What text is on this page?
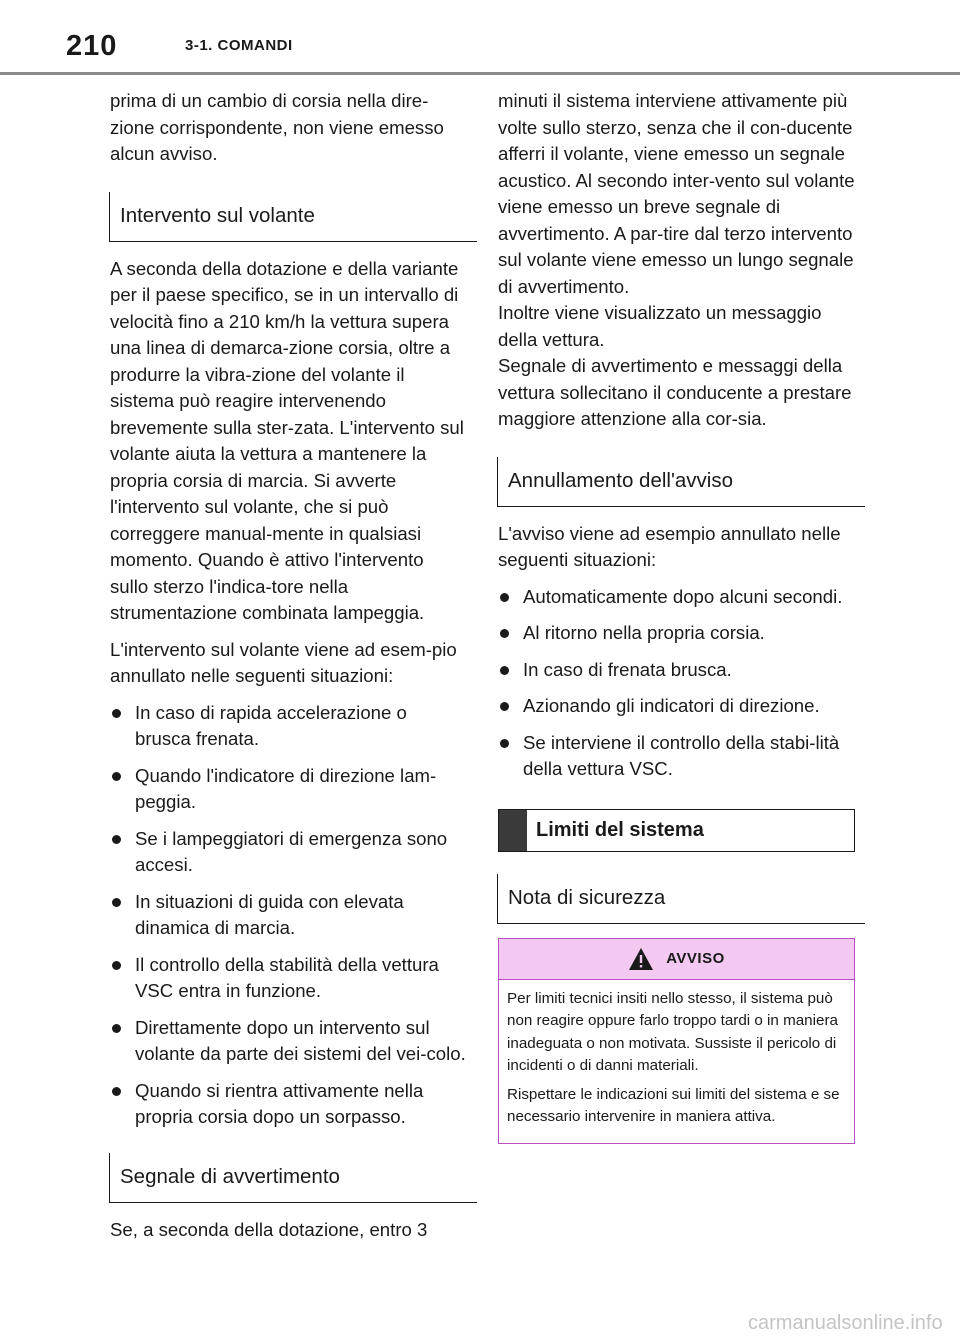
210	3-1. COMANDI

prima di un cambio di corsia nella dire-zione corrispondente, non viene emesso alcun avviso.

Intervento sul volante

A seconda della dotazione e della variante per il paese specifico, se in un intervallo di velocità fino a 210 km/h la vettura supera una linea di demarca-zione corsia, oltre a produrre la vibra-zione del volante il sistema può reagire intervenendo brevemente sulla ster-zata. L'intervento sul volante aiuta la vettura a mantenere la propria corsia di marcia. Si avverte l'intervento sul volante, che si può correggere manual-mente in qualsiasi momento. Quando è attivo l'intervento sullo sterzo l'indica-tore nella strumentazione combinata lampeggia.

L'intervento sul volante viene ad esem-pio annullato nelle seguenti situazioni:

In caso di rapida accelerazione o brusca frenata.
Quando l'indicatore di direzione lam-peggia.
Se i lampeggiatori di emergenza sono accesi.
In situazioni di guida con elevata dinamica di marcia.
Il controllo della stabilità della vettura VSC entra in funzione.
Direttamente dopo un intervento sul volante da parte dei sistemi del vei-colo.
Quando si rientra attivamente nella propria corsia dopo un sorpasso.
Segnale di avvertimento

Se, a seconda della dotazione, entro 3

minuti il sistema interviene attivamente più volte sullo sterzo, senza che il con-ducente afferri il volante, viene emesso un segnale acustico. Al secondo inter-vento sul volante viene emesso un breve segnale di avvertimento. A par-tire dal terzo intervento sul volante viene emesso un lungo segnale di avvertimento.

Inoltre viene visualizzato un messaggio della vettura.

Segnale di avvertimento e messaggi della vettura sollecitano il conducente a prestare maggiore attenzione alla cor-sia.

Annullamento dell'avviso

L'avviso viene ad esempio annullato nelle seguenti situazioni:

Automaticamente dopo alcuni secondi.
Al ritorno nella propria corsia.
In caso di frenata brusca.
Azionando gli indicatori di direzione.
Se interviene il controllo della stabi-lità della vettura VSC.
Limiti del sistema
Nota di sicurezza
AVVISO

Per limiti tecnici insiti nello stesso, il sistema può non reagire oppure farlo troppo tardi o in maniera inadeguata o non motivata. Sussiste il pericolo di incidenti o di danni materiali.

Rispettare le indicazioni sui limiti del sistema e se necessario intervenire in maniera attiva.

carmanualsonline.info
